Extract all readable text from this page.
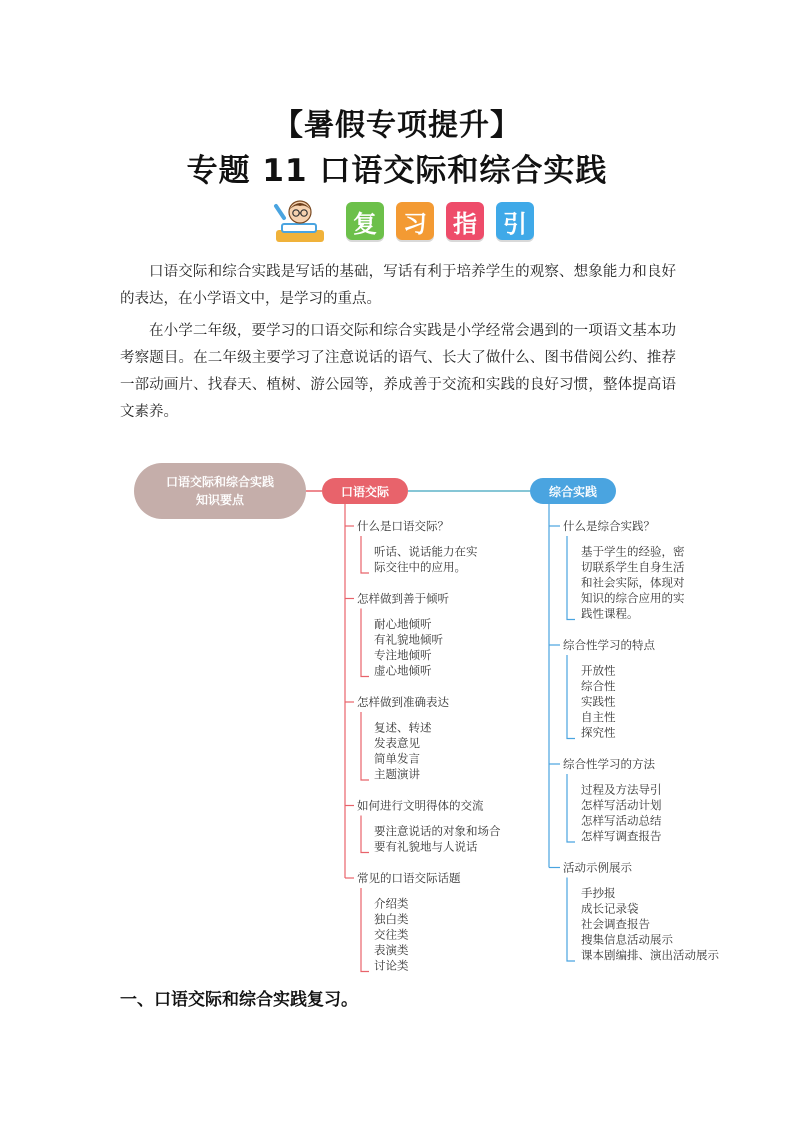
【暑假专项提升】
专题 11 口语交际和综合实践
复 习 指 引

口语交际和综合实践是写话的基础，写话有利于培养学生的观察、想象能力和良好的表达，在小学语文中，是学习的重点。

在小学二年级，要学习的口语交际和综合实践是小学经常会遇到的一项语文基本功考察题目。在二年级主要学习了注意说话的语气、长大了做什么、图书借阅公约、推荐一部动画片、找春天、植树、游公园等，养成善于交流和实践的良好习惯，整体提高语文素养。

口语交际和综合实践
知识要点
口语交际	综合实践
什么是口语交际？
听话、说话能力在实
际交往中的应用。
怎样做到善于倾听
耐心地倾听
有礼貌地倾听
专注地倾听
虚心地倾听
怎样做到准确表达
复述、转述
发表意见
简单发言
主题演讲
如何进行文明得体的交流
要注意说话的对象和场合
要有礼貌地与人说话
常见的口语交际话题
介绍类
独白类
交往类
表演类
讨论类
什么是综合实践？
基于学生的经验，密
切联系学生自身生活
和社会实际，体现对
知识的综合应用的实
践性课程。
综合性学习的特点
开放性
综合性
实践性
自主性
探究性
综合性学习的方法
过程及方法导引
怎样写活动计划
怎样写活动总结
怎样写调查报告
活动示例展示
手抄报
成长记录袋
社会调查报告
搜集信息活动展示
课本剧编排、演出活动展示
一、口语交际和综合实践复习。
